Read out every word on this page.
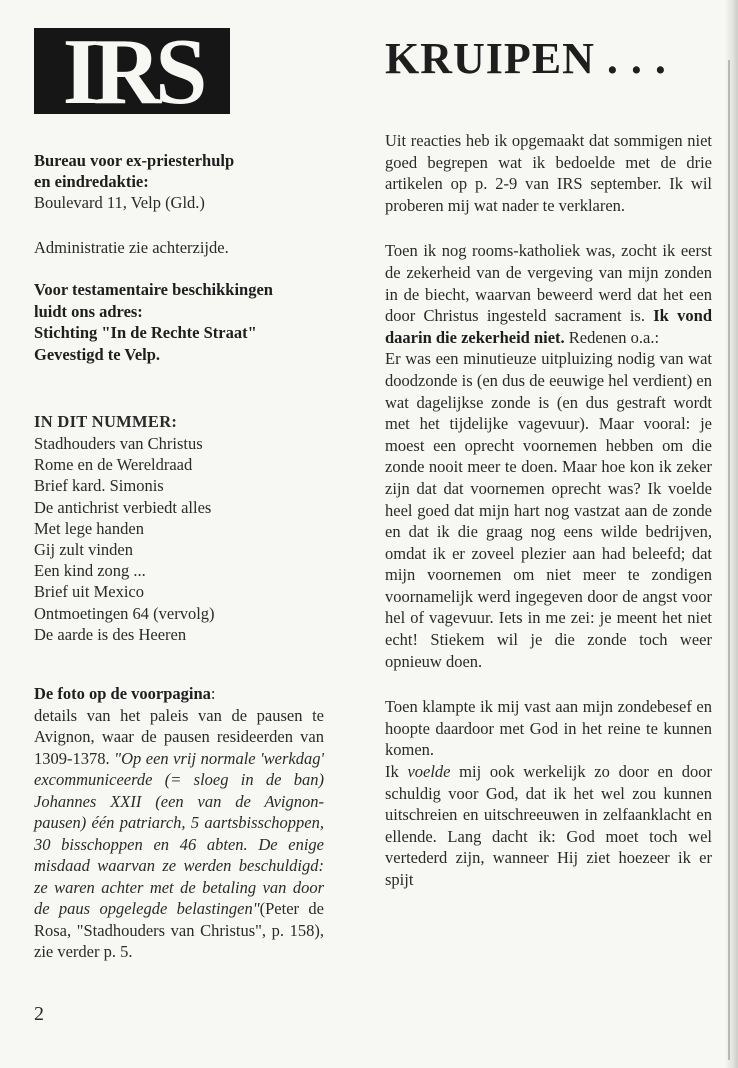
IRS
Bureau voor ex-priesterhulp
en eindredaktie:
Boulevard 11, Velp (Gld.)
Administratie zie achterzijde.
Voor testamentaire beschikkingen
luidt ons adres:
Stichting "In de Rechte Straat"
Gevestigd te Velp.
IN DIT NUMMER:
Stadhouders van Christus
Rome en de Wereldraad
Brief kard. Simonis
De antichrist verbiedt alles
Met lege handen
Gij zult vinden
Een kind zong ...
Brief uit Mexico
Ontmoetingen 64 (vervolg)
De aarde is des Heeren
De foto op de voorpagina:
details van het paleis van de pausen te Avignon, waar de pausen resideerden van 1309-1378. "Op een vrij normale 'werkdag' excommuniceerde (= sloeg in de ban) Johannes XXII (een van de Avignon-pausen) één patriarch, 5 aartsbisschoppen, 30 bisschoppen en 46 abten. De enige misdaad waarvan ze werden beschuldigd: ze waren achter met de betaling van door de paus opgelegde belastingen"(Peter de Rosa, "Stadhouders van Christus", p. 158), zie verder p. 5.
2
KRUIPEN . . .
Uit reacties heb ik opgemaakt dat sommigen niet goed begrepen wat ik bedoelde met de drie artikelen op p. 2-9 van IRS september. Ik wil proberen mij wat nader te verklaren.
Toen ik nog rooms-katholiek was, zocht ik eerst de zekerheid van de vergeving van mijn zonden in de biecht, waarvan beweerd werd dat het een door Christus ingesteld sacrament is. Ik vond daarin die zekerheid niet. Redenen o.a.:
Er was een minutieuze uitpluizing nodig van wat doodzonde is (en dus de eeuwige hel verdient) en wat dagelijkse zonde is (en dus gestraft wordt met het tijdelijke vagevuur). Maar vooral: je moest een oprecht voornemen hebben om die zonde nooit meer te doen. Maar hoe kon ik zeker zijn dat dat voornemen oprecht was? Ik voelde heel goed dat mijn hart nog vastzat aan de zonde en dat ik die graag nog eens wilde bedrijven, omdat ik er zoveel plezier aan had beleefd; dat mijn voornemen om niet meer te zondigen voornamelijk werd ingegeven door de angst voor hel of vagevuur. Iets in me zei: je meent het niet echt! Stiekem wil je die zonde toch weer opnieuw doen.
Toen klampte ik mij vast aan mijn zondebesef en hoopte daardoor met God in het reine te kunnen komen.
Ik voelde mij ook werkelijk zo door en door schuldig voor God, dat ik het wel zou kunnen uitschreien en uitschreeuwen in zelfaanklacht en ellende. Lang dacht ik: God moet toch wel vertederd zijn, wanneer Hij ziet hoezeer ik er spijt
